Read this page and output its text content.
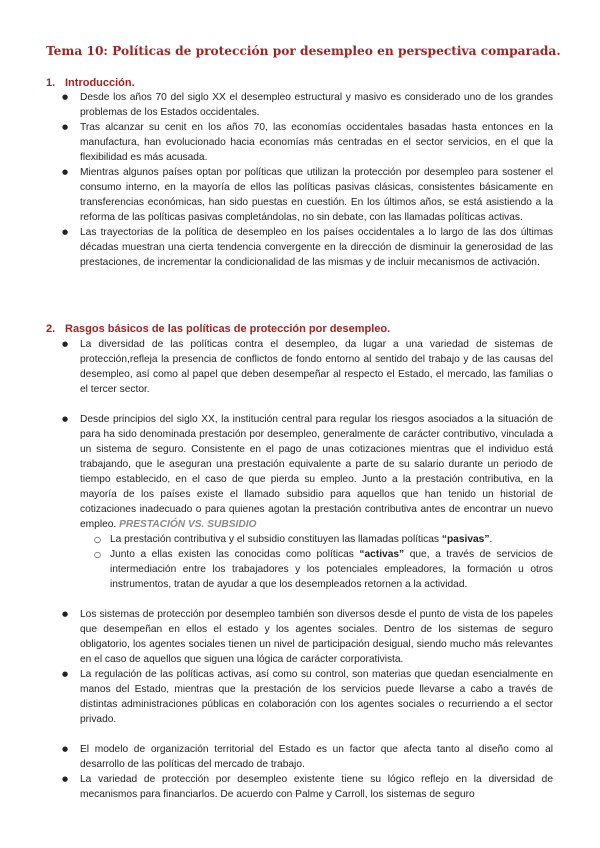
Tema 10: Políticas de protección por desempleo en perspectiva comparada.
1. Introducción.
● Desde los años 70 del siglo XX el desempleo estructural y masivo es considerado uno de los grandes problemas de los Estados occidentales.
● Tras alcanzar su cenit en los años 70, las economías occidentales basadas hasta entonces en la manufactura, han evolucionado hacia economías más centradas en el sector servicios, en el que la flexibilidad es más acusada.
● Mientras algunos países optan por políticas que utilizan la protección por desempleo para sostener el consumo interno, en la mayoría de ellos las políticas pasivas clásicas, consistentes básicamente en transferencias económicas, han sido puestas en cuestión. En los últimos años, se está asistiendo a la reforma de las políticas pasivas completándolas, no sin debate, con las llamadas políticas activas.
● Las trayectorias de la política de desempleo en los países occidentales a lo largo de las dos últimas décadas muestran una cierta tendencia convergente en la dirección de disminuir la generosidad de las prestaciones, de incrementar la condicionalidad de las mismas y de incluir mecanismos de activación.
2. Rasgos básicos de las políticas de protección por desempleo.
● La diversidad de las políticas contra el desempleo, da lugar a una variedad de sistemas de protección,refleja la presencia de conflictos de fondo entorno al sentido del trabajo y de las causas del desempleo, así como al papel que deben desempeñar al respecto el Estado, el mercado, las familias o el tercer sector.
● Desde principios del siglo XX, la institución central para regular los riesgos asociados a la situación de para ha sido denominada prestación por desempleo, generalmente de carácter contributivo, vinculada a un sistema de seguro. Consistente en el pago de unas cotizaciones mientras que el individuo está trabajando, que le aseguran una prestación equivalente a parte de su salario durante un periodo de tiempo establecido, en el caso de que pierda su empleo. Junto a la prestación contributiva, en la mayoría de los países existe el llamado subsidio para aquellos que han tenido un historial de cotizaciones inadecuado o para quienes agotan la prestación contributiva antes de encontrar un nuevo empleo. PRESTACIÓN VS. SUBSIDIO
○ La prestación contributiva y el subsidio constituyen las llamadas políticas “pasivas”.
○ Junto a ellas existen las conocidas como políticas “activas” que, a través de servicios de intermediación entre los trabajadores y los potenciales empleadores, la formación u otros instrumentos, tratan de ayudar a que los desempleados retornen a la actividad.
● Los sistemas de protección por desempleo también son diversos desde el punto de vista de los papeles que desempeñan en ellos el estado y los agentes sociales. Dentro de los sistemas de seguro obligatorio, los agentes sociales tienen un nivel de participación desigual, siendo mucho más relevantes en el caso de aquellos que siguen una lógica de carácter corporativista.
● La regulación de las políticas activas, así como su control, son materias que quedan esencialmente en manos del Estado, mientras que la prestación de los servicios puede llevarse a cabo a través de distintas administraciones públicas en colaboración con los agentes sociales o recurriendo a el sector privado.
● El modelo de organización territorial del Estado es un factor que afecta tanto al diseño como al desarrollo de las políticas del mercado de trabajo.
● La variedad de protección por desempleo existente tiene su lógico reflejo en la diversidad de mecanismos para financiarlos. De acuerdo con Palme y Carroll, los sistemas de seguro
